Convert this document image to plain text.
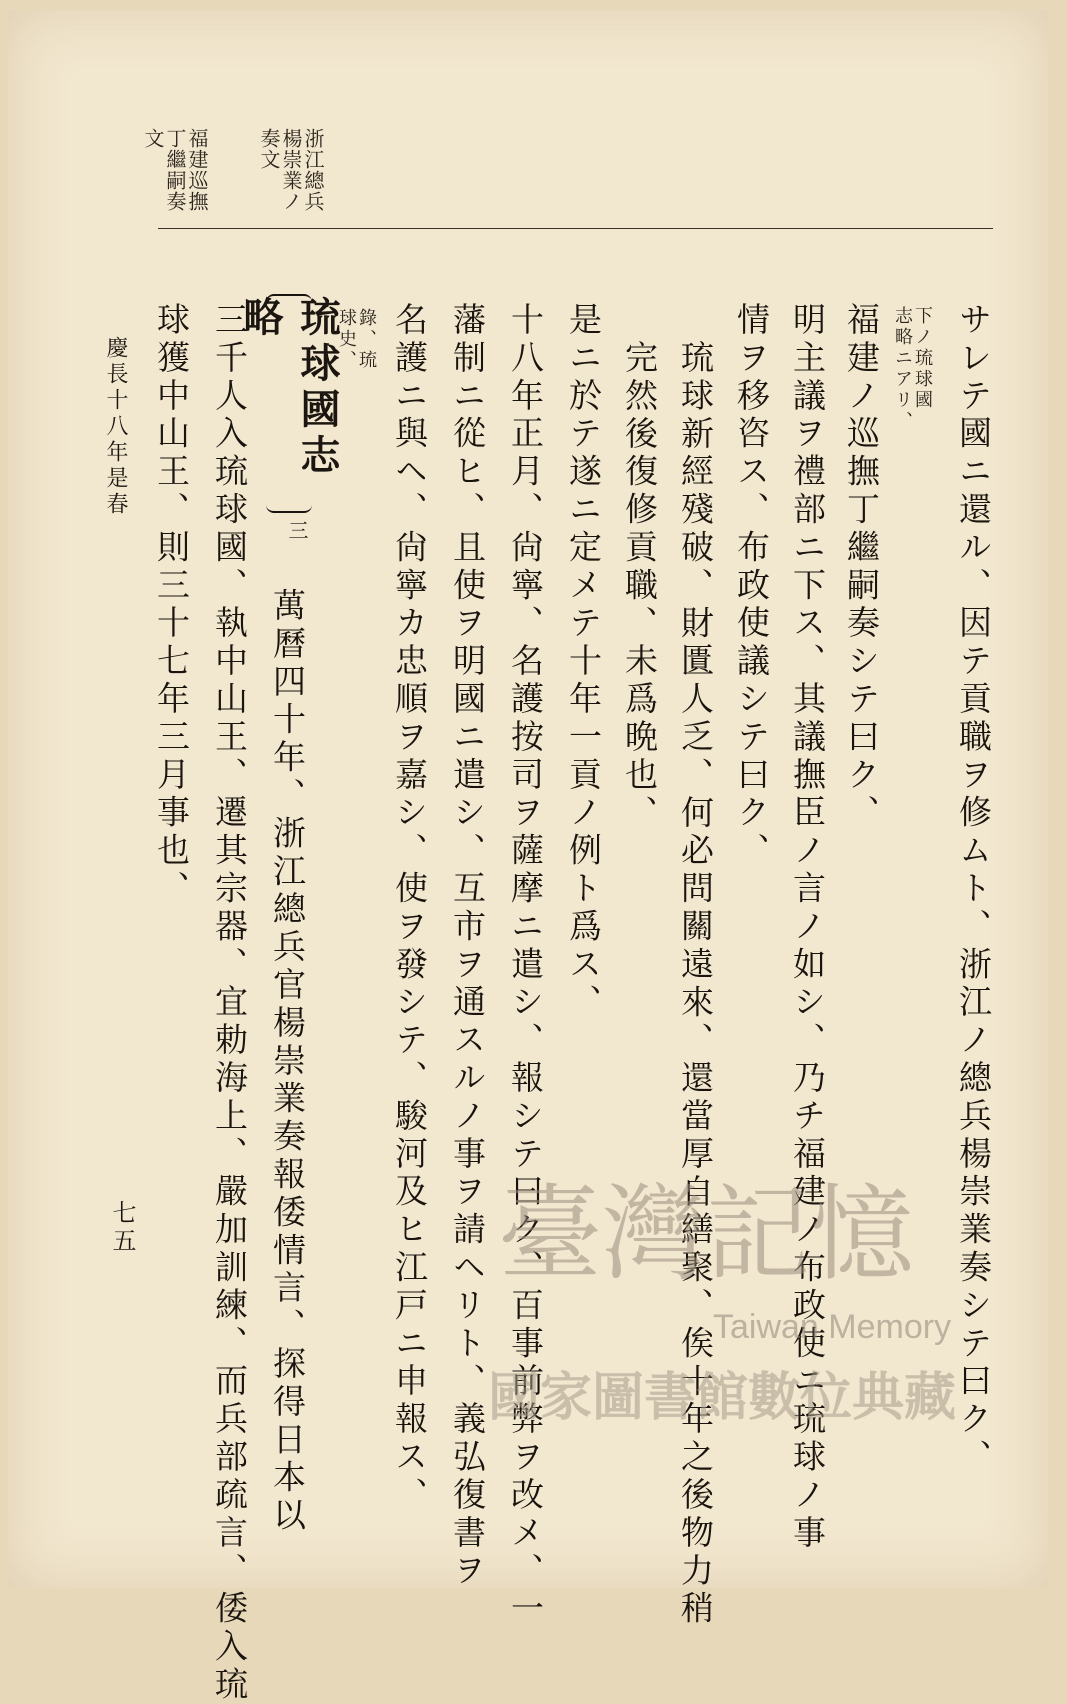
浙江總兵
楊崇業ノ
奏文
福建巡撫
丁繼嗣奏
文
サレテ國ニ還ル、因テ貢職ヲ修ムト、浙江ノ總兵楊崇業奏シテ曰ク、
下ノ琉球國
志略ニアリ、
福建ノ巡撫丁繼嗣奏シテ曰ク、
明主議ヲ禮部ニ下ス、其議撫臣ノ言ノ如シ、乃チ福建ノ布政使ニ琉球ノ事
情ヲ移咨ス、布政使議シテ曰ク、
琉球新經殘破、財匱人乏、何必問關遠來、還當厚自繕聚、俟十年之後物力稍
完然後復修貢職、未爲晩也、
是ニ於テ遂ニ定メテ十年一貢ノ例ト爲ス、
十八年正月、尙寧、名護按司ヲ薩摩ニ遣シ、報シテ曰ク、百事前弊ヲ改メ、一
藩制ニ從ヒ、且使ヲ明國ニ遣シ、互市ヲ通スルノ事ヲ請ヘリト、義弘復書ヲ
名護ニ與ヘ、尙寧カ忠順ヲ嘉シ、使ヲ發シテ、駿河及ヒ江戸ニ申報ス、
錄、琉
球史、
琉球國志略
三
萬曆四十年、浙江總兵官楊崇業奏報倭情言、探得日本以
三千人入琉球國、執中山王、遷其宗器、宜勅海上、嚴加訓練、而兵部疏言、倭入琉
球獲中山王、則三十七年三月事也、
慶長十八年是春
七五	臺灣記憶
Taiwan Memory
國家圖書館數位典藏
